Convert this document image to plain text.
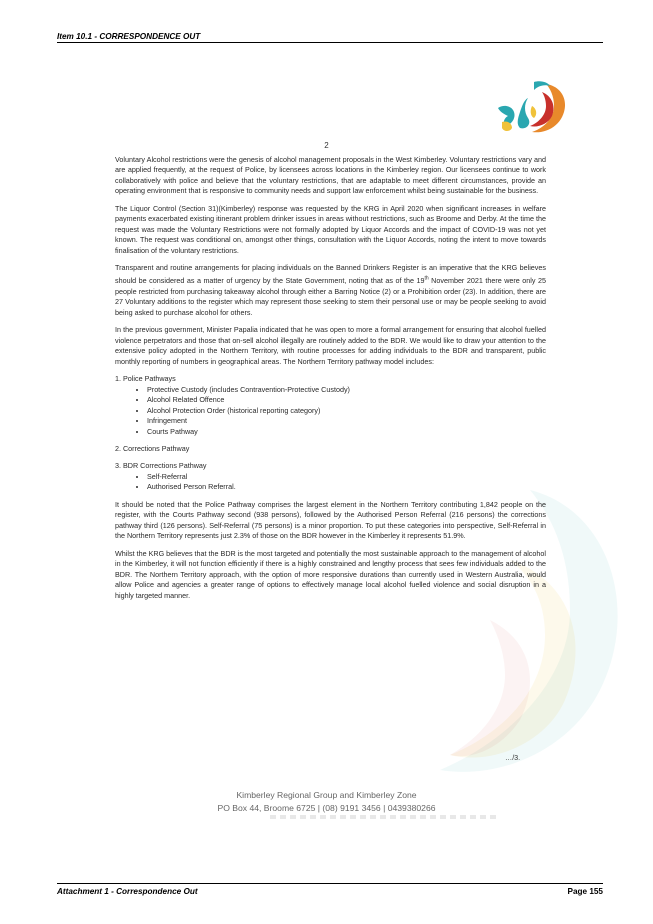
Item 10.1 - CORRESPONDENCE OUT
2

Voluntary Alcohol restrictions were the genesis of alcohol management proposals in the West Kimberley. Voluntary restrictions vary and are applied frequently, at the request of Police, by licensees across locations in the Kimberley region. Our licensees continue to work collaboratively with police and believe that the voluntary restrictions, that are adaptable to meet different circumstances, provide an operating environment that is responsive to community needs and support law enforcement whilst being sustainable for the business.

The Liquor Control (Section 31)(Kimberley) response was requested by the KRG in April 2020 when significant increases in welfare payments exacerbated existing itinerant problem drinker issues in areas without restrictions, such as Broome and Derby. At the time the request was made the Voluntary Restrictions were not formally adopted by Liquor Accords and the impact of COVID-19 was not yet known. The request was conditional on, amongst other things, consultation with the Liquor Accords, noting the intent to move towards finalisation of the voluntary restrictions.

Transparent and routine arrangements for placing individuals on the Banned Drinkers Register is an imperative that the KRG believes should be considered as a matter of urgency by the State Government, noting that as of the 19th November 2021 there were only 25 people restricted from purchasing takeaway alcohol through either a Barring Notice (2) or a Prohibition order (23). In addition, there are 27 Voluntary additions to the register which may represent those seeking to stem their personal use or may be people seeking to avoid being asked to purchase alcohol for others.

In the previous government, Minister Papalia indicated that he was open to more a formal arrangement for ensuring that alcohol fuelled violence perpetrators and those that on-sell alcohol illegally are routinely added to the BDR. We would like to draw your attention to the extensive policy adopted in the Northern Territory, with routine processes for adding individuals to the BDR and transparent, public monthly reporting of numbers in geographical areas. The Northern Territory pathway model includes:

1. Police Pathways

• Protective Custody (includes Contravention-Protective Custody)
• Alcohol Related Offence
• Alcohol Protection Order (historical reporting category)
• Infringement
• Courts Pathway

2. Corrections Pathway

3. BDR Corrections Pathway

• Self-Referral
• Authorised Person Referral.

It should be noted that the Police Pathway comprises the largest element in the Northern Territory contributing 1,842 people on the register, with the Courts Pathway second (938 persons), followed by the Authorised Person Referral (216 persons) the corrections pathway third (126 persons). Self-Referral (75 persons) is a minor proportion. To put these categories into perspective, Self-Referral in the Northern Territory represents just 2.3% of those on the BDR however in the Kimberley it represents 51.9%.

Whilst the KRG believes that the BDR is the most targeted and potentially the most sustainable approach to the management of alcohol in the Kimberley, it will not function efficiently if there is a highly constrained and lengthy process that sees few individuals added to the BDR. The Northern Territory approach, with the option of more responsive durations than currently used in Western Australia, would allow Police and agencies a greater range of options to effectively manage local alcohol fuelled violence and social disruption in a highly targeted manner.

…/3.
Kimberley Regional Group and Kimberley Zone
PO Box 44, Broome 6725 | (08) 9191 3456 | 0439380266
Attachment 1 - Correspondence Out	Page 155
